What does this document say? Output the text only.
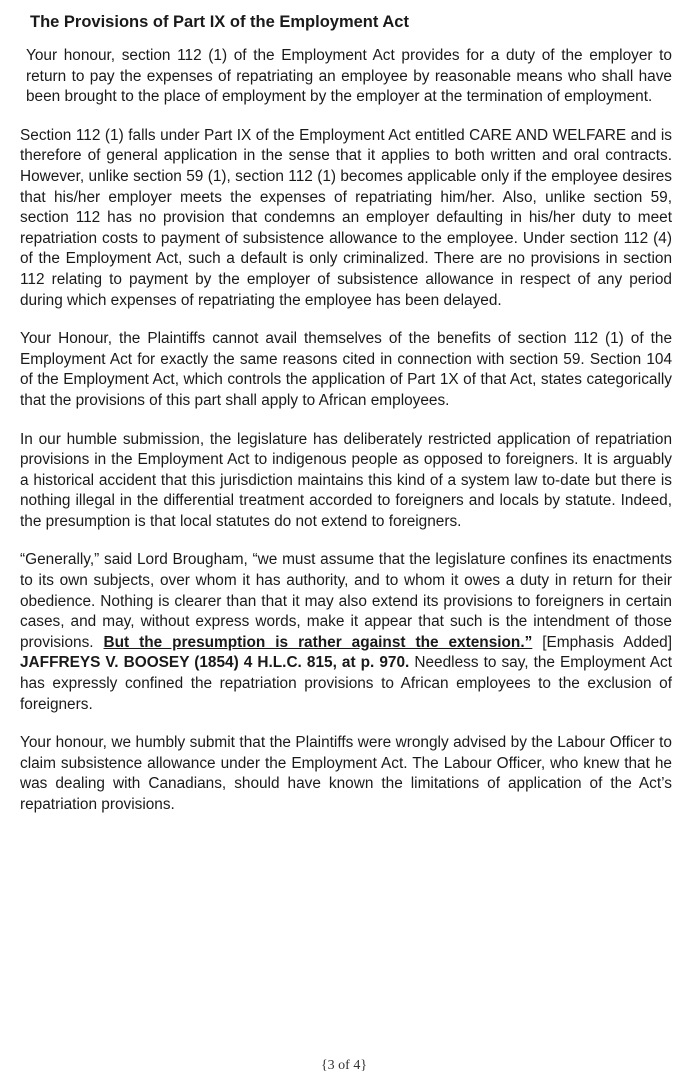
The Provisions of Part IX of the Employment Act

Your honour, section 112 (1) of the Employment Act provides for a duty of the employer to return to pay the expenses of repatriating an employee by reasonable means who shall have been brought to the place of employment by the employer at the termination of employment.

Section 112 (1) falls under Part IX of the Employment Act entitled CARE AND WELFARE and is therefore of general application in the sense that it applies to both written and oral contracts. However, unlike section 59 (1), section 112 (1) becomes applicable only if the employee desires that his/her employer meets the expenses of repatriating him/her. Also, unlike section 59, section 112 has no provision that condemns an employer defaulting in his/her duty to meet repatriation costs to payment of subsistence allowance to the employee. Under section 112 (4) of the Employment Act, such a default is only criminalized. There are no provisions in section 112 relating to payment by the employer of subsistence allowance in respect of any period during which expenses of repatriating the employee has been delayed.

Your Honour, the Plaintiffs cannot avail themselves of the benefits of section 112 (1) of the Employment Act for exactly the same reasons cited in connection with section 59. Section 104 of the Employment Act, which controls the application of Part 1X of that Act, states categorically that the provisions of this part shall apply to African employees.

In our humble submission, the legislature has deliberately restricted application of repatriation provisions in the Employment Act to indigenous people as opposed to foreigners. It is arguably a historical accident that this jurisdiction maintains this kind of a system law to-date but there is nothing illegal in the differential treatment accorded to foreigners and locals by statute. Indeed, the presumption is that local statutes do not extend to foreigners.

“Generally,” said Lord Brougham, “we must assume that the legislature confines its enactments to its own subjects, over whom it has authority, and to whom it owes a duty in return for their obedience. Nothing is clearer than that it may also extend its provisions to foreigners in certain cases, and may, without express words, make it appear that such is the intendment of those provisions. But the presumption is rather against the extension.” [Emphasis Added] JAFFREYS V. BOOSEY (1854) 4 H.L.C. 815, at p. 970. Needless to say, the Employment Act has expressly confined the repatriation provisions to African employees to the exclusion of foreigners.

Your honour, we humbly submit that the Plaintiffs were wrongly advised by the Labour Officer to claim subsistence allowance under the Employment Act. The Labour Officer, who knew that he was dealing with Canadians, should have known the limitations of application of the Act’s repatriation provisions.

{3 of 4}
